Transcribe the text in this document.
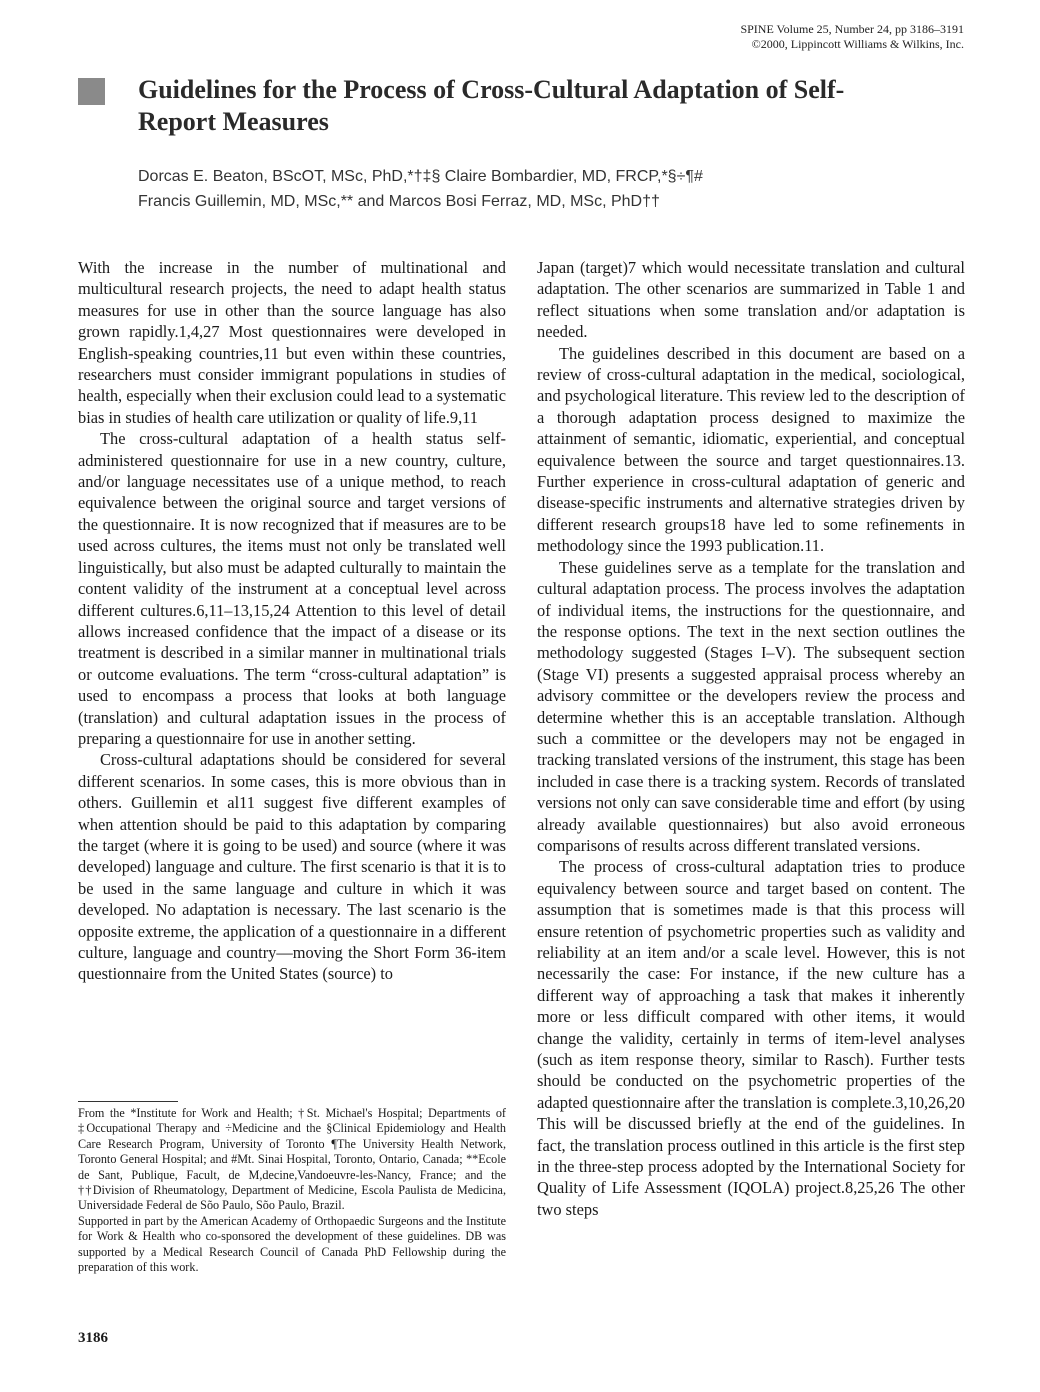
SPINE Volume 25, Number 24, pp 3186–3191
©2000, Lippincott Williams & Wilkins, Inc.
Guidelines for the Process of Cross-Cultural Adaptation of Self-Report Measures
Dorcas E. Beaton, BScOT, MSc, PhD,*†‡§ Claire Bombardier, MD, FRCP,*§÷¶#
Francis Guillemin, MD, MSc,** and Marcos Bosi Ferraz, MD, MSc, PhD††

With the increase in the number of multinational and multicultural research projects, the need to adapt health status measures for use in other than the source language has also grown rapidly.1,4,27 Most questionnaires were developed in English-speaking countries,11 but even within these countries, researchers must consider immigrant populations in studies of health, especially when their exclusion could lead to a systematic bias in studies of health care utilization or quality of life.9,11

The cross-cultural adaptation of a health status self-administered questionnaire for use in a new country, culture, and/or language necessitates use of a unique method, to reach equivalence between the original source and target versions of the questionnaire. It is now recognized that if measures are to be used across cultures, the items must not only be translated well linguistically, but also must be adapted culturally to maintain the content validity of the instrument at a conceptual level across different cultures.6,11–13,15,24 Attention to this level of detail allows increased confidence that the impact of a disease or its treatment is described in a similar manner in multinational trials or outcome evaluations. The term “cross-cultural adaptation” is used to encompass a process that looks at both language (translation) and cultural adaptation issues in the process of preparing a questionnaire for use in another setting.

Cross-cultural adaptations should be considered for several different scenarios. In some cases, this is more obvious than in others. Guillemin et al11 suggest five different examples of when attention should be paid to this adaptation by comparing the target (where it is going to be used) and source (where it was developed) language and culture. The first scenario is that it is to be used in the same language and culture in which it was developed. No adaptation is necessary. The last scenario is the opposite extreme, the application of a questionnaire in a different culture, language and country—moving the Short Form 36-item questionnaire from the United States (source) to

Japan (target)7 which would necessitate translation and cultural adaptation. The other scenarios are summarized in Table 1 and reflect situations when some translation and/or adaptation is needed.

The guidelines described in this document are based on a review of cross-cultural adaptation in the medical, sociological, and psychological literature. This review led to the description of a thorough adaptation process designed to maximize the attainment of semantic, idiomatic, experiential, and conceptual equivalence between the source and target questionnaires.13. Further experience in cross-cultural adaptation of generic and disease-specific instruments and alternative strategies driven by different research groups18 have led to some refinements in methodology since the 1993 publication.11.

These guidelines serve as a template for the translation and cultural adaptation process. The process involves the adaptation of individual items, the instructions for the questionnaire, and the response options. The text in the next section outlines the methodology suggested (Stages I–V). The subsequent section (Stage VI) presents a suggested appraisal process whereby an advisory committee or the developers review the process and determine whether this is an acceptable translation. Although such a committee or the developers may not be engaged in tracking translated versions of the instrument, this stage has been included in case there is a tracking system. Records of translated versions not only can save considerable time and effort (by using already available questionnaires) but also avoid erroneous comparisons of results across different translated versions.

The process of cross-cultural adaptation tries to produce equivalency between source and target based on content. The assumption that is sometimes made is that this process will ensure retention of psychometric properties such as validity and reliability at an item and/or a scale level. However, this is not necessarily the case: For instance, if the new culture has a different way of approaching a task that makes it inherently more or less difficult compared with other items, it would change the validity, certainly in terms of item-level analyses (such as item response theory, similar to Rasch). Further tests should be conducted on the psychometric properties of the adapted questionnaire after the translation is complete.3,10,26,20 This will be discussed briefly at the end of the guidelines. In fact, the translation process outlined in this article is the first step in the three-step process adopted by the International Society for Quality of Life Assessment (IQOLA) project.8,25,26 The other two steps

From the *Institute for Work and Health; †St. Michael's Hospital; Departments of ‡Occupational Therapy and ÷Medicine and the §Clinical Epidemiology and Health Care Research Program, University of Toronto ¶The University Health Network, Toronto General Hospital; and #Mt. Sinai Hospital, Toronto, Ontario, Canada; **Ecole de Sant, Publique, Facult, de M,decine,Vandoeuvre-les-Nancy, France; and the ††Division of Rheumatology, Department of Medicine, Escola Paulista de Medicina, Universidade Federal de Sõo Paulo, Sõo Paulo, Brazil.

Supported in part by the American Academy of Orthopaedic Surgeons and the Institute for Work & Health who co-sponsored the development of these guidelines. DB was supported by a Medical Research Council of Canada PhD Fellowship during the preparation of this work.

3186
